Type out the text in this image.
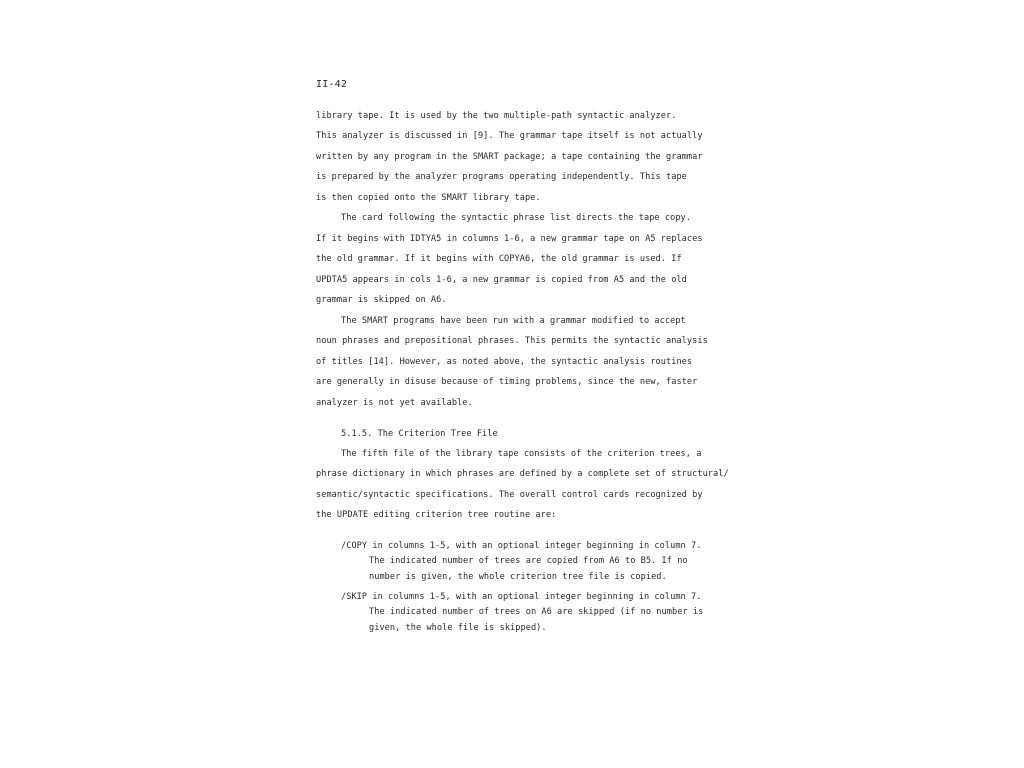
II-42
library tape. It is used by the two multiple-path syntactic analyzer.
This analyzer is discussed in [9]. The grammar tape itself is not actually
written by any program in the SMART package; a tape containing the grammar
is prepared by the analyzer programs operating independently. This tape
is then copied onto the SMART library tape.
The card following the syntactic phrase list directs the tape copy.
If it begins with IDTYA5 in columns 1-6, a new grammar tape on A5 replaces
the old grammar. If it begins with COPYA6, the old grammar is used. If
UPDTA5 appears in cols 1-6, a new grammar is copied from A5 and the old
grammar is skipped on A6.
The SMART programs have been run with a grammar modified to accept
noun phrases and prepositional phrases. This permits the syntactic analysis
of titles [14]. However, as noted above, the syntactic analysis routines
are generally in disuse because of timing problems, since the new, faster
analyzer is not yet available.
5.1.5. The Criterion Tree File
The fifth file of the library tape consists of the criterion trees, a
phrase dictionary in which phrases are defined by a complete set of structural/
semantic/syntactic specifications. The overall control cards recognized by
the UPDATE editing criterion tree routine are:
/COPY in columns 1-5, with an optional integer beginning in column 7.
The indicated number of trees are copied from A6 to B5. If no
number is given, the whole criterion tree file is copied.
/SKIP in columns 1-5, with an optional integer beginning in column 7.
The indicated number of trees on A6 are skipped (if no number is
given, the whole file is skipped).
